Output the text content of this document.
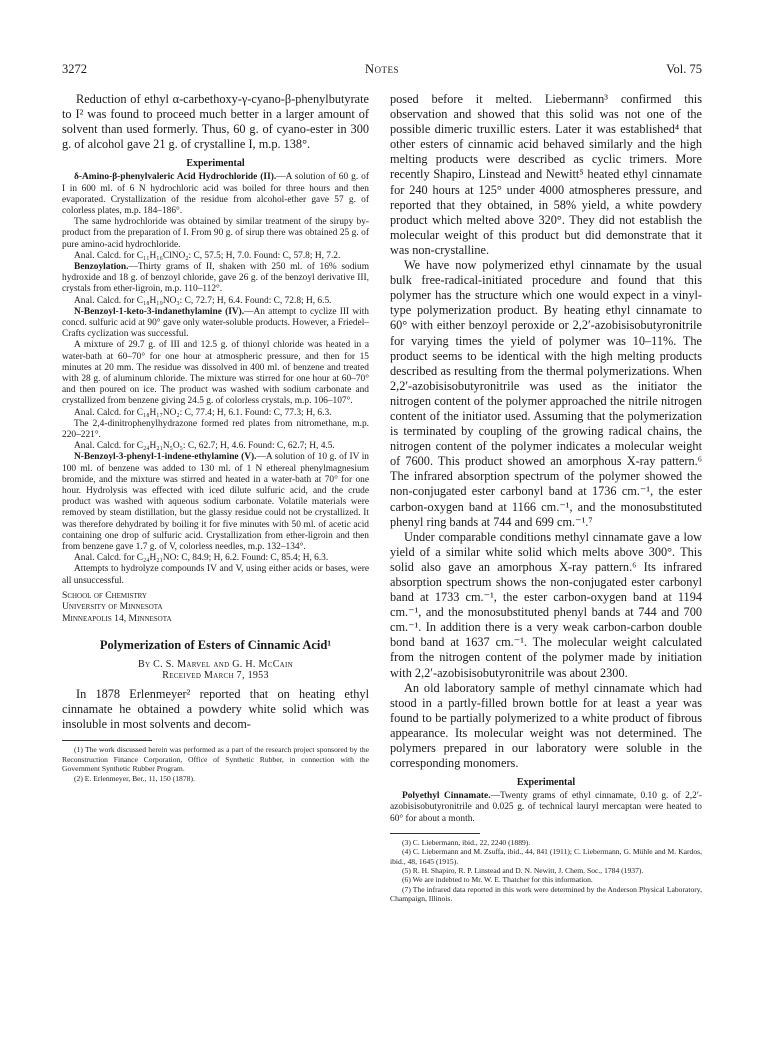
3272	Notes	Vol. 75

Reduction of ethyl α-carbethoxy-γ-cyano-β-phenylbutyrate to I² was found to proceed much better in a larger amount of solvent than used formerly. Thus, 60 g. of cyano-ester in 300 g. of alcohol gave 21 g. of crystalline I, m.p. 138°.

Experimental

δ-Amino-β-phenylvaleric Acid Hydrochloride (II).—A solution of 60 g. of I in 600 ml. of 6 N hydrochloric acid was boiled for three hours and then evaporated. Crystallization of the residue from alcohol-ether gave 57 g. of colorless plates, m.p. 184–186°.

The same hydrochloride was obtained by similar treatment of the sirupy by-product from the preparation of I. From 90 g. of sirup there was obtained 25 g. of pure amino-acid hydrochloride.

Anal. Calcd. for C₁₁H₁₆ClNO₂: C, 57.5; H, 7.0. Found: C, 57.8; H, 7.2.

Benzoylation.—Thirty grams of II, shaken with 250 ml. of 16% sodium hydroxide and 18 g. of benzoyl chloride, gave 26 g. of the benzoyl derivative III, crystals from ether-ligroin, m.p. 110–112°.

Anal. Calcd. for C₁₈H₁₉NO₃: C, 72.7; H, 6.4. Found: C, 72.8; H, 6.5.

N-Benzoyl-1-keto-3-indanethylamine (IV).—An attempt to cyclize III with concd. sulfuric acid at 90° gave only water-soluble products. However, a Friedel–Crafts cyclization was successful.

A mixture of 29.7 g. of III and 12.5 g. of thionyl chloride was heated in a water-bath at 60–70° for one hour at atmospheric pressure, and then for 15 minutes at 20 mm. The residue was dissolved in 400 ml. of benzene and treated with 28 g. of aluminum chloride. The mixture was stirred for one hour at 60–70° and then poured on ice. The product was washed with sodium carbonate and crystallized from benzene giving 24.5 g. of colorless crystals, m.p. 106–107°.

Anal. Calcd. for C₁₈H₁₇NO₂: C, 77.4; H, 6.1. Found: C, 77.3; H, 6.3.

The 2,4-dinitrophenylhydrazone formed red plates from nitromethane, m.p. 220–221°.

Anal. Calcd. for C₂₄H₂₁N₅O₅: C, 62.7; H, 4.6. Found: C, 62.7; H, 4.5.

N-Benzoyl-3-phenyl-1-indene-ethylamine (V).—A solution of 10 g. of IV in 100 ml. of benzene was added to 130 ml. of 1 N ethereal phenylmagnesium bromide, and the mixture was stirred and heated in a water-bath at 70° for one hour. Hydrolysis was effected with iced dilute sulfuric acid, and the crude product was washed with aqueous sodium carbonate. Volatile materials were removed by steam distillation, but the glassy residue could not be crystallized. It was therefore dehydrated by boiling it for five minutes with 50 ml. of acetic acid containing one drop of sulfuric acid. Crystallization from ether-ligroin and then from benzene gave 1.7 g. of V, colorless needles, m.p. 132–134°.

Anal. Calcd. for C₂₄H₂₁NO: C, 84.9; H, 6.2. Found: C, 85.4; H, 6.3.

Attempts to hydrolyze compounds IV and V, using either acids or bases, were all unsuccessful.

School of Chemistry
University of Minnesota
Minneapolis 14, Minnesota
Polymerization of Esters of Cinnamic Acid¹
By C. S. Marvel and G. H. McCain
Received March 7, 1953

In 1878 Erlenmeyer² reported that on heating ethyl cinnamate he obtained a powdery white solid which was insoluble in most solvents and decom-

(1) The work discussed herein was performed as a part of the research project sponsored by the Reconstruction Finance Corporation, Office of Synthetic Rubber, in connection with the Government Synthetic Rubber Program.

(2) E. Erlenmeyer, Ber., 11, 150 (1878).

posed before it melted. Liebermann³ confirmed this observation and showed that this solid was not one of the possible dimeric truxillic esters. Later it was established⁴ that other esters of cinnamic acid behaved similarly and the high melting products were described as cyclic trimers. More recently Shapiro, Linstead and Newitt⁵ heated ethyl cinnamate for 240 hours at 125° under 4000 atmospheres pressure, and reported that they obtained, in 58% yield, a white powdery product which melted above 320°. They did not establish the molecular weight of this product but did demonstrate that it was non-crystalline.

We have now polymerized ethyl cinnamate by the usual bulk free-radical-initiated procedure and found that this polymer has the structure which one would expect in a vinyl-type polymerization product. By heating ethyl cinnamate to 60° with either benzoyl peroxide or 2,2′-azobisisobutyronitrile for varying times the yield of polymer was 10–11%. The product seems to be identical with the high melting products described as resulting from the thermal polymerizations. When 2,2′-azobisisobutyronitrile was used as the initiator the nitrogen content of the polymer approached the nitrile nitrogen content of the initiator used. Assuming that the polymerization is terminated by coupling of the growing radical chains, the nitrogen content of the polymer indicates a molecular weight of 7600. This product showed an amorphous X-ray pattern.⁶ The infrared absorption spectrum of the polymer showed the non-conjugated ester carbonyl band at 1736 cm.⁻¹, the ester carbon-oxygen band at 1166 cm.⁻¹, and the monosubstituted phenyl ring bands at 744 and 699 cm.⁻¹.⁷

Under comparable conditions methyl cinnamate gave a low yield of a similar white solid which melts above 300°. This solid also gave an amorphous X-ray pattern.⁶ Its infrared absorption spectrum shows the non-conjugated ester carbonyl band at 1733 cm.⁻¹, the ester carbon-oxygen band at 1194 cm.⁻¹, and the monosubstituted phenyl bands at 744 and 700 cm.⁻¹. In addition there is a very weak carbon-carbon double bond band at 1637 cm.⁻¹. The molecular weight calculated from the nitrogen content of the polymer made by initiation with 2,2′-azobisisobutyronitrile was about 2300.

An old laboratory sample of methyl cinnamate which had stood in a partly-filled brown bottle for at least a year was found to be partially polymerized to a white product of fibrous appearance. Its molecular weight was not determined. The polymers prepared in our laboratory were soluble in the corresponding monomers.

Experimental

Polyethyl Cinnamate.—Twenty grams of ethyl cinnamate, 0.10 g. of 2,2′-azobisisobutyronitrile and 0.025 g. of technical lauryl mercaptan were heated to 60° for about a month.

(3) C. Liebermann, ibid., 22, 2240 (1889).

(4) C. Liebermann and M. Zsuffa, ibid., 44, 841 (1911); C. Liebermann, G. Mühle and M. Kardos, ibid., 48, 1645 (1915).

(5) R. H. Shapiro, R. P. Linstead and D. N. Newitt, J. Chem. Soc., 1784 (1937).

(6) We are indebted to Mr. W. E. Thatcher for this information.

(7) The infrared data reported in this work were determined by the Anderson Physical Laboratory, Champaign, Illinois.
